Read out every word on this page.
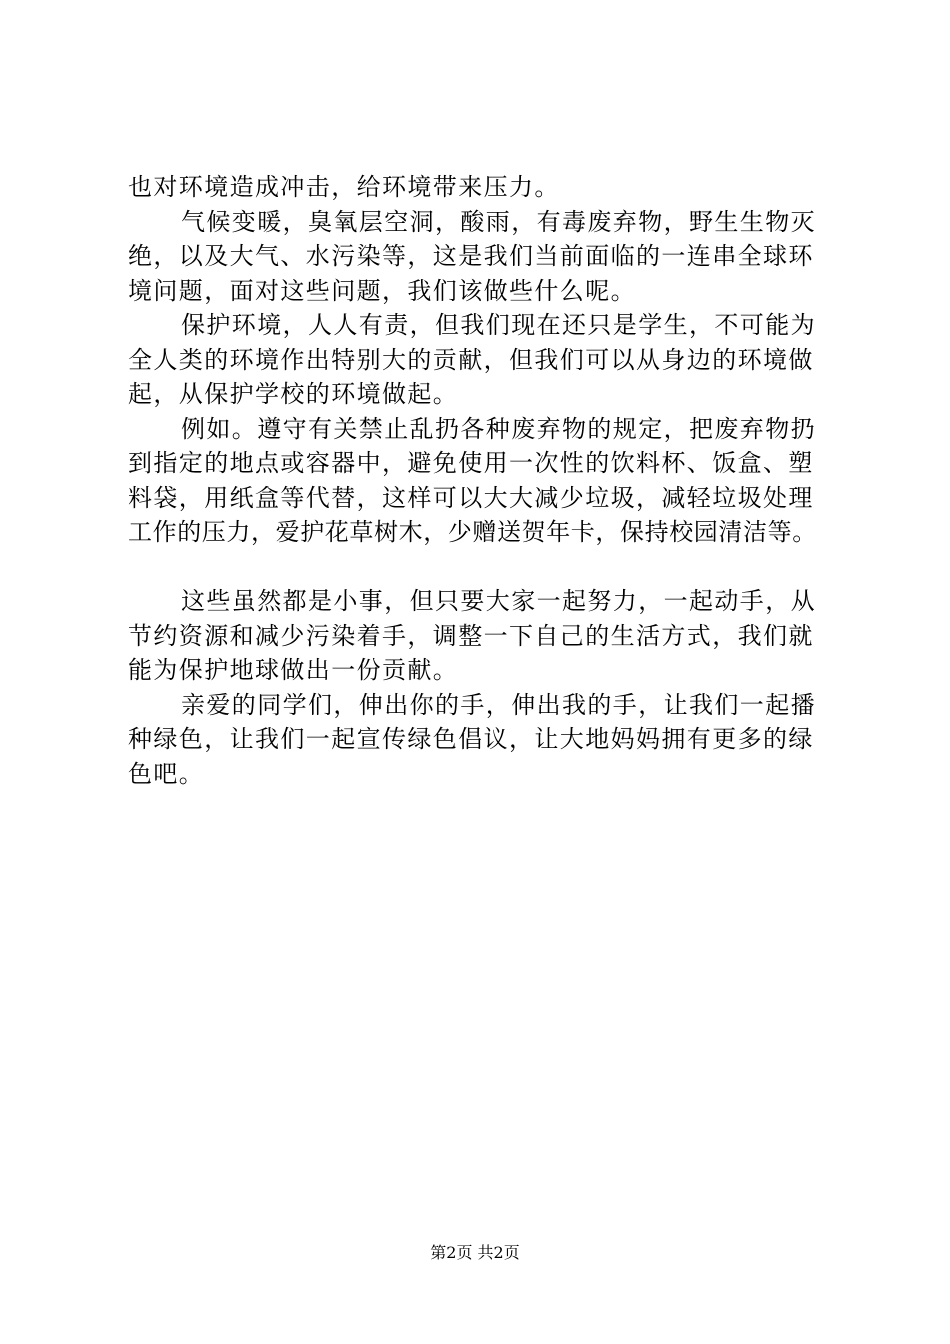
也对环境造成冲击，给环境带来压力。
气候变暖，臭氧层空洞，酸雨，有毒废弃物，野生生物灭
绝，以及大气、水污染等，这是我们当前面临的一连串全球环
境问题，面对这些问题，我们该做些什么呢。
保护环境，人人有责，但我们现在还只是学生，不可能为
全人类的环境作出特别大的贡献，但我们可以从身边的环境做
起，从保护学校的环境做起。
例如。遵守有关禁止乱扔各种废弃物的规定，把废弃物扔
到指定的地点或容器中，避免使用一次性的饮料杯、饭盒、塑
料袋，用纸盒等代替，这样可以大大减少垃圾，减轻垃圾处理
工作的压力，爱护花草树木，少赠送贺年卡，保持校园清洁等。
这些虽然都是小事，但只要大家一起努力，一起动手，从
节约资源和减少污染着手，调整一下自己的生活方式，我们就
能为保护地球做出一份贡献。
亲爱的同学们，伸出你的手，伸出我的手，让我们一起播
种绿色，让我们一起宣传绿色倡议，让大地妈妈拥有更多的绿
色吧。
第2页 共2页
